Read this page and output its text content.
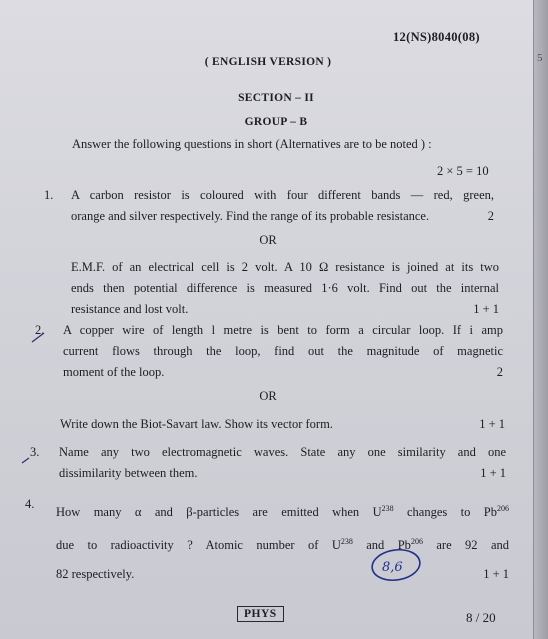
5
12(NS)8040(08)
( ENGLISH VERSION )
SECTION – II
GROUP – B
Answer the following questions in short (Alternatives are to be noted ) :
2 × 5 = 10
1. A carbon resistor is coloured with four different bands — red, green,
orange and silver respectively. Find the range of its probable resistance.	2
OR
E.M.F. of an electrical cell is 2 volt. A 10 Ω resistance is joined at its two
ends then potential difference is measured 1·6 volt. Find out the internal
resistance and lost volt.	1 + 1
2. A copper wire of length l metre is bent to form a circular loop. If i amp
current flows through the loop, find out the magnitude of magnetic
moment of the loop.	2
OR
Write down the Biot-Savart law. Show its vector form.	1 + 1
3. Name any two electromagnetic waves. State any one similarity and one
dissimilarity between them.	1 + 1
4.
How many α and β-particles are emitted when $U^{238}$ changes to Pb$^{206}$
due to radioactivity ? Atomic number of $U^{238}$ and Pb$^{206}$ are 92 and
82 respectively.	1 + 1
8,6
PHYS	8 / 20
